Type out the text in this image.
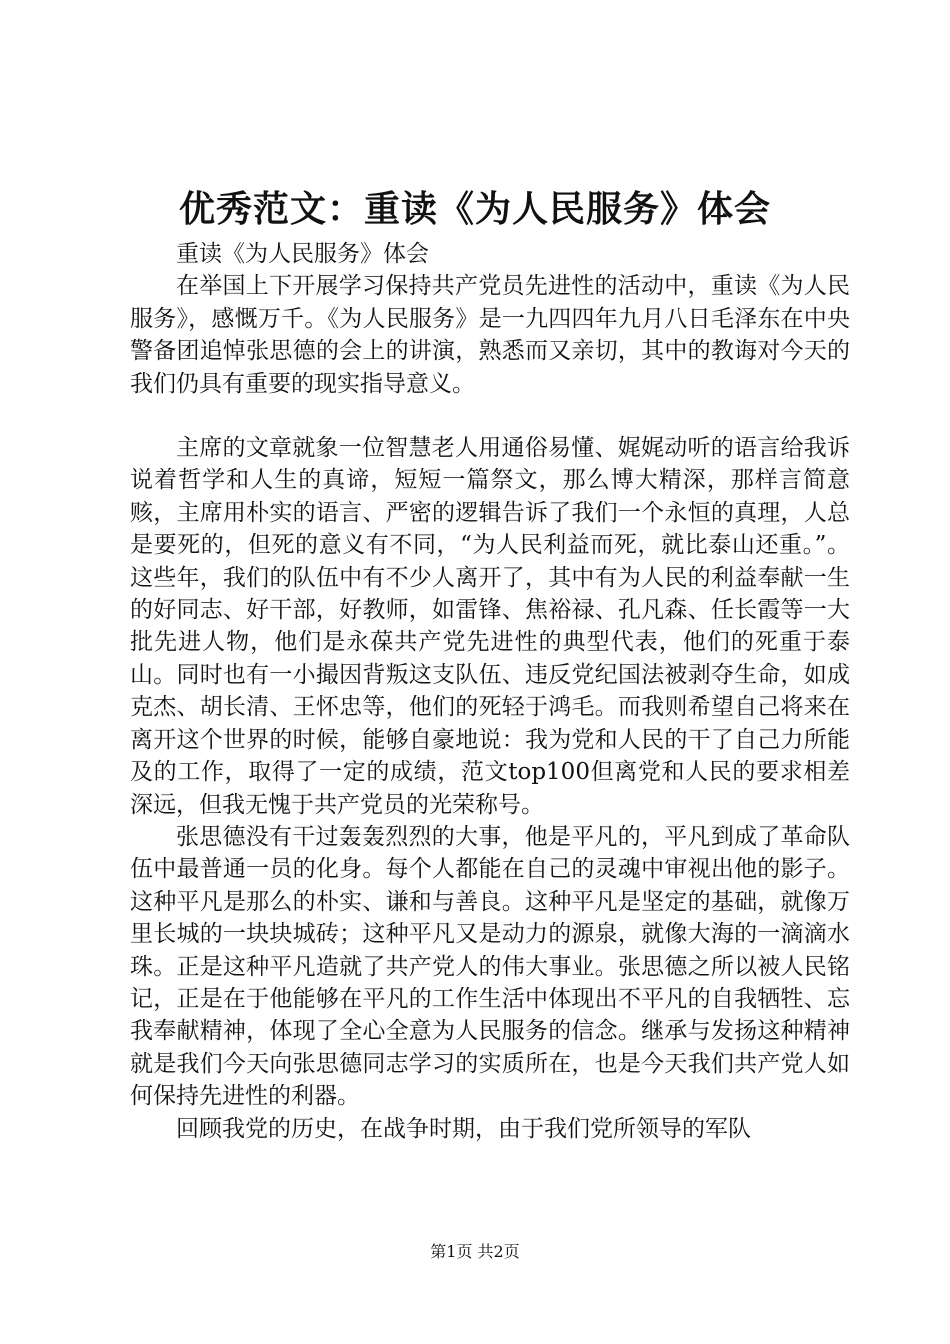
优秀范文：重读《为人民服务》体会

重读《为人民服务》体会

在举国上下开展学习保持共产党员先进性的活动中，重读《为人民服务》，感慨万千。《为人民服务》是一九四四年九月八日毛泽东在中央警备团追悼张思德的会上的讲演，熟悉而又亲切，其中的教诲对今天的我们仍具有重要的现实指导意义。

主席的文章就象一位智慧老人用通俗易懂、娓娓动听的语言给我诉说着哲学和人生的真谛，短短一篇祭文，那么博大精深，那样言简意赅，主席用朴实的语言、严密的逻辑告诉了我们一个永恒的真理，人总是要死的，但死的意义有不同，“为人民利益而死，就比泰山还重。”。这些年，我们的队伍中有不少人离开了，其中有为人民的利益奉献一生的好同志、好干部，好教师，如雷锋、焦裕禄、孔凡森、任长霞等一大批先进人物，他们是永葆共产党先进性的典型代表，他们的死重于泰山。同时也有一小撮因背叛这支队伍、违反党纪国法被剥夺生命，如成克杰、胡长清、王怀忠等，他们的死轻于鸿毛。而我则希望自己将来在离开这个世界的时候，能够自豪地说：我为党和人民的干了自己力所能及的工作，取得了一定的成绩，范文top100但离党和人民的要求相差深远，但我无愧于共产党员的光荣称号。

张思德没有干过轰轰烈烈的大事，他是平凡的，平凡到成了革命队伍中最普通一员的化身。每个人都能在自己的灵魂中审视出他的影子。这种平凡是那么的朴实、谦和与善良。这种平凡是坚定的基础，就像万里长城的一块块城砖；这种平凡又是动力的源泉，就像大海的一滴滴水珠。正是这种平凡造就了共产党人的伟大事业。张思德之所以被人民铭记，正是在于他能够在平凡的工作生活中体现出不平凡的自我牺牲、忘我奉献精神，体现了全心全意为人民服务的信念。继承与发扬这种精神就是我们今天向张思德同志学习的实质所在，也是今天我们共产党人如何保持先进性的利器。

回顾我党的历史，在战争时期，由于我们党所领导的军队

第1页 共2页
